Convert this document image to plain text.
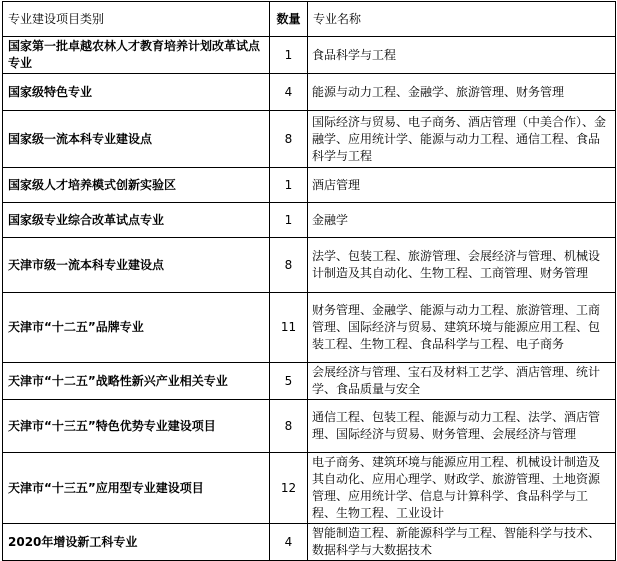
专业建设项目类别	数量	专业名称
国家第一批卓越农林人才教育培养计划改革试点专业	1	食品科学与工程
国家级特色专业	4	能源与动力工程、金融学、旅游管理、财务管理
国家级一流本科专业建设点	8	国际经济与贸易、电子商务、酒店管理（中美合作）、金融学、应用统计学、能源与动力工程、通信工程、食品科学与工程
国家级人才培养模式创新实验区	1	酒店管理
国家级专业综合改革试点专业	1	金融学
天津市级一流本科专业建设点	8	法学、包装工程、旅游管理、会展经济与管理、机械设计制造及其自动化、生物工程、工商管理、财务管理
天津市“十二五”品牌专业	11	财务管理、金融学、能源与动力工程、旅游管理、工商管理、国际经济与贸易、建筑环境与能源应用工程、包装工程、生物工程、食品科学与工程、电子商务
天津市“十二五”战略性新兴产业相关专业	5	会展经济与管理、宝石及材料工艺学、酒店管理、统计学、食品质量与安全
天津市“十三五”特色优势专业建设项目	8	通信工程、包装工程、能源与动力工程、法学、酒店管理、国际经济与贸易、财务管理、会展经济与管理
天津市“十三五”应用型专业建设项目	12	电子商务、建筑环境与能源应用工程、机械设计制造及其自动化、应用心理学、财政学、旅游管理、土地资源管理、应用统计学、信息与计算科学、食品科学与工程、生物工程、工业设计
2020年增设新工科专业	4	智能制造工程、新能源科学与工程、智能科学与技术、数据科学与大数据技术
